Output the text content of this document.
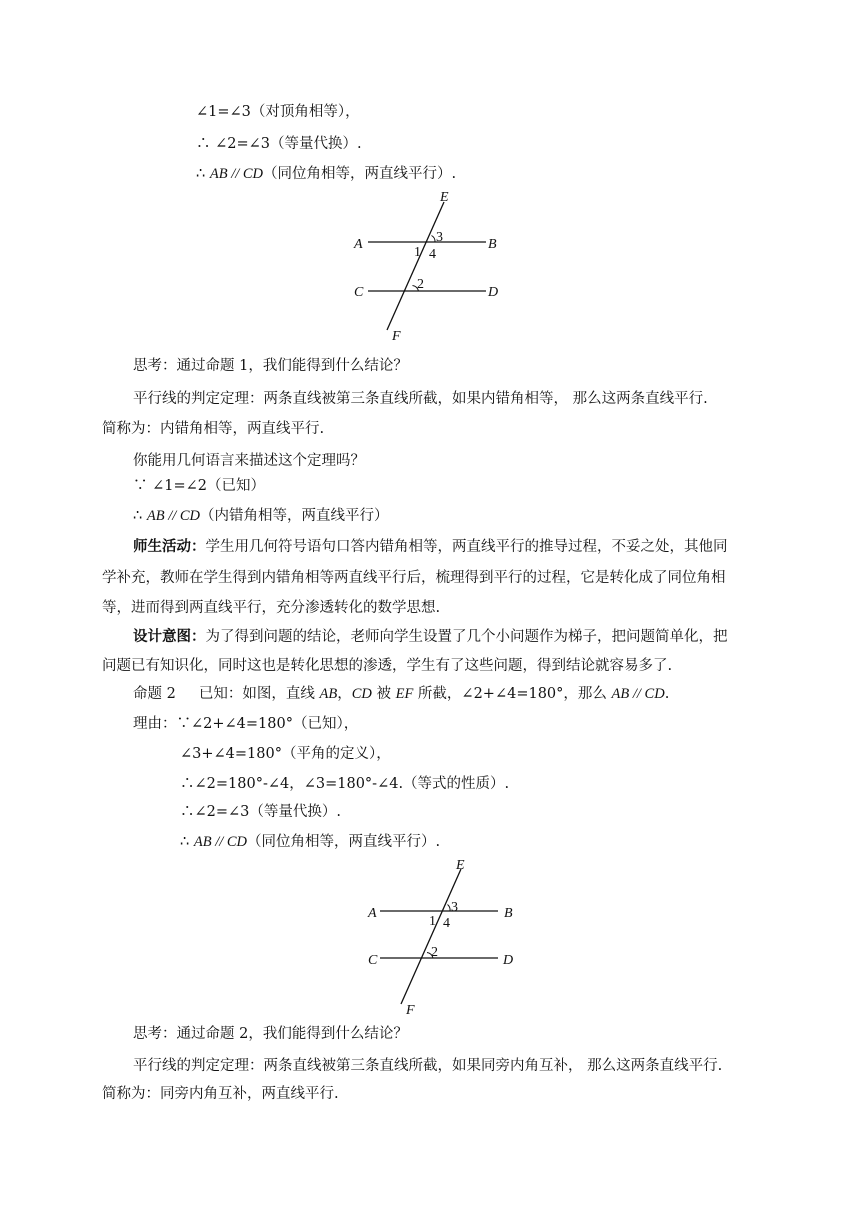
∠1=∠3（对顶角相等），
∴ ∠2=∠3（等量代换）.
∴ AB // CD（同位角相等，两直线平行）.
E
A	B
C	D
F
1
3
4
2
思考：通过命题 1，我们能得到什么结论？
平行线的判定定理：两条直线被第三条直线所截，如果内错角相等， 那么这两条直线平行.
简称为：内错角相等，两直线平行.
你能用几何语言来描述这个定理吗？
∵ ∠1=∠2（已知）
∴ AB // CD（内错角相等，两直线平行）
师生活动：学生用几何符号语句口答内错角相等，两直线平行的推导过程，不妥之处，其他同
学补充，教师在学生得到内错角相等两直线平行后，梳理得到平行的过程，它是转化成了同位角相
等，进而得到两直线平行，充分渗透转化的数学思想.
设计意图：为了得到问题的结论，老师向学生设置了几个小问题作为梯子，把问题简单化，把
问题已有知识化，同时这也是转化思想的渗透，学生有了这些问题，得到结论就容易多了.
命题 2 已知：如图，直线 AB，CD 被 EF 所截，∠2+∠4=180°，那么 AB // CD.
理由：∵∠2+∠4=180°（已知），
∠3+∠4=180°（平角的定义），
∴∠2=180°-∠4，∠3=180°-∠4.（等式的性质）.
∴∠2=∠3（等量代换）.
∴ AB // CD（同位角相等，两直线平行）.
E
A	B
C	D
F
1
3
4
2
思考：通过命题 2，我们能得到什么结论？
平行线的判定定理：两条直线被第三条直线所截，如果同旁内角互补， 那么这两条直线平行.
简称为：同旁内角互补，两直线平行.
